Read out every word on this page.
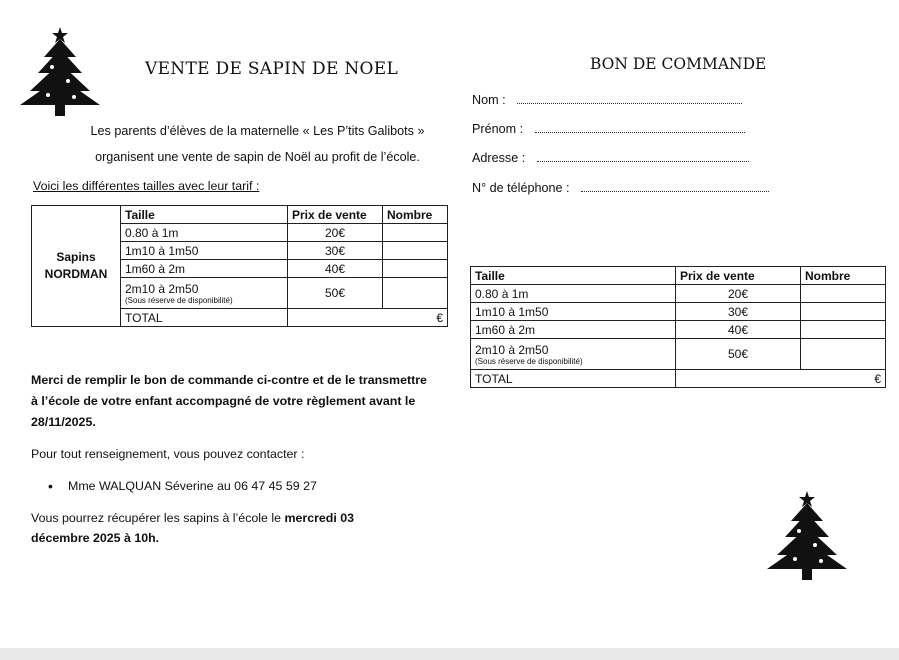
VENTE DE SAPIN DE NOEL	BON DE COMMANDE
Les parents d’élèves de la maternelle « Les P’tits Galibots »
organisent une vente de sapin de Noël au profit de l’école.
Voici les différentes tailles avec leur tarif :
Nom :
Prénom :
Adresse :
N° de téléphone :
Sapins
NORDMAN	Taille	Prix de vente	Nombre
	0.80 à 1m	20€	
	1m10 à 1m50	30€	
	1m60 à 2m	40€	
	2m10 à 2m50
(Sous réserve de disponibilité)	50€	
	TOTAL	€	
Taille	Prix de vente	Nombre
0.80 à 1m	20€	
1m10 à 1m50	30€	
1m60 à 2m	40€	
2m10 à 2m50
(Sous réserve de disponibilité)	50€	
TOTAL	€	
Merci de remplir le bon de commande ci-contre et de le transmettre à l’école de votre enfant accompagné de votre règlement avant le 28/11/2025.
Pour tout renseignement, vous pouvez contacter :
• Mme WALQUAN Séverine au 06 47 45 59 27
Vous pourrez récupérer les sapins à l’école le mercredi 03 décembre 2025 à 10h.
